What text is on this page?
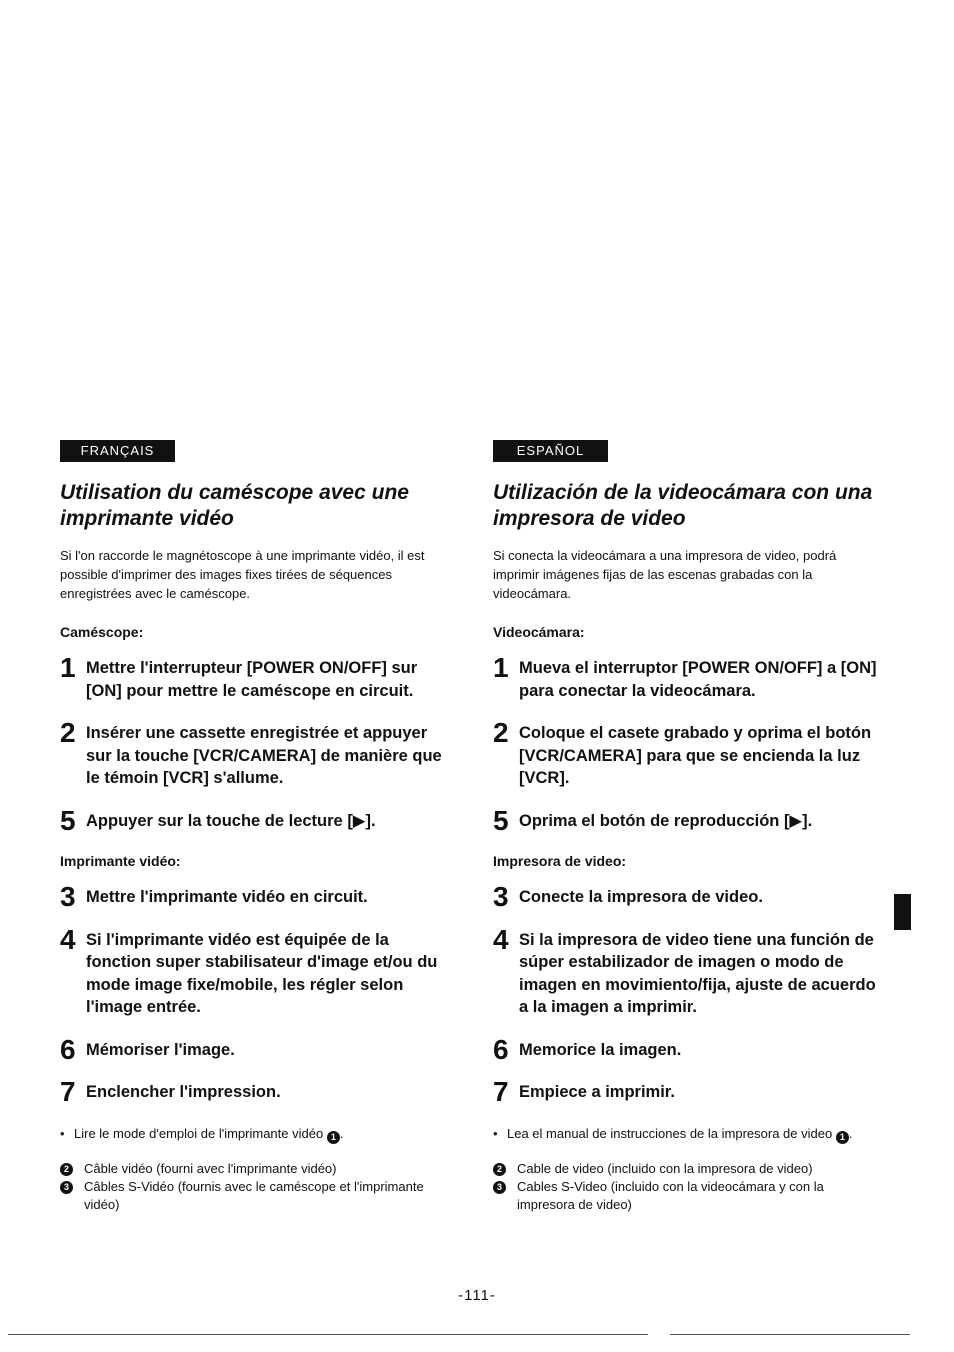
FRANÇAIS
Utilisation du caméscope avec une imprimante vidéo

Si l'on raccorde le magnétoscope à une imprimante vidéo, il est possible d'imprimer des images fixes tirées de séquences enregistrées avec le caméscope.

Caméscope:
1 Mettre l'interrupteur [POWER ON/OFF] sur [ON] pour mettre le caméscope en circuit.
2 Insérer une cassette enregistrée et appuyer sur la touche [VCR/CAMERA] de manière que le témoin [VCR] s'allume.
5 Appuyer sur la touche de lecture [▶].
Imprimante vidéo:
3 Mettre l'imprimante vidéo en circuit.
4 Si l'imprimante vidéo est équipée de la fonction super stabilisateur d'image et/ou du mode image fixe/mobile, les régler selon l'image entrée.
6 Mémoriser l'image.
7 Enclencher l'impression.
• Lire le mode d'emploi de l'imprimante vidéo 1 .
2	Câble vidéo (fourni avec l'imprimante vidéo)
3	Câbles S-Vidéo (fournis avec le caméscope et l'imprimante vidéo)
ESPAÑOL
Utilización de la videocámara con una impresora de video

Si conecta la videocámara a una impresora de video, podrá imprimir imágenes fijas de las escenas grabadas con la videocámara.

Videocámara:
1 Mueva el interruptor [POWER ON/OFF] a [ON] para conectar la videocámara.
2 Coloque el casete grabado y oprima el botón [VCR/CAMERA] para que se encienda la luz [VCR].
5 Oprima el botón de reproducción [▶].
Impresora de video:
3 Conecte la impresora de video.
4 Si la impresora de video tiene una función de súper estabilizador de imagen o modo de imagen en movimiento/fija, ajuste de acuerdo a la imagen a imprimir.
6 Memorice la imagen.
7 Empiece a imprimir.
• Lea el manual de instrucciones de la impresora de video 1 .
2	Cable de video (incluido con la impresora de video)
3	Cables S-Video (incluido con la videocámara y con la impresora de video)
-111-
